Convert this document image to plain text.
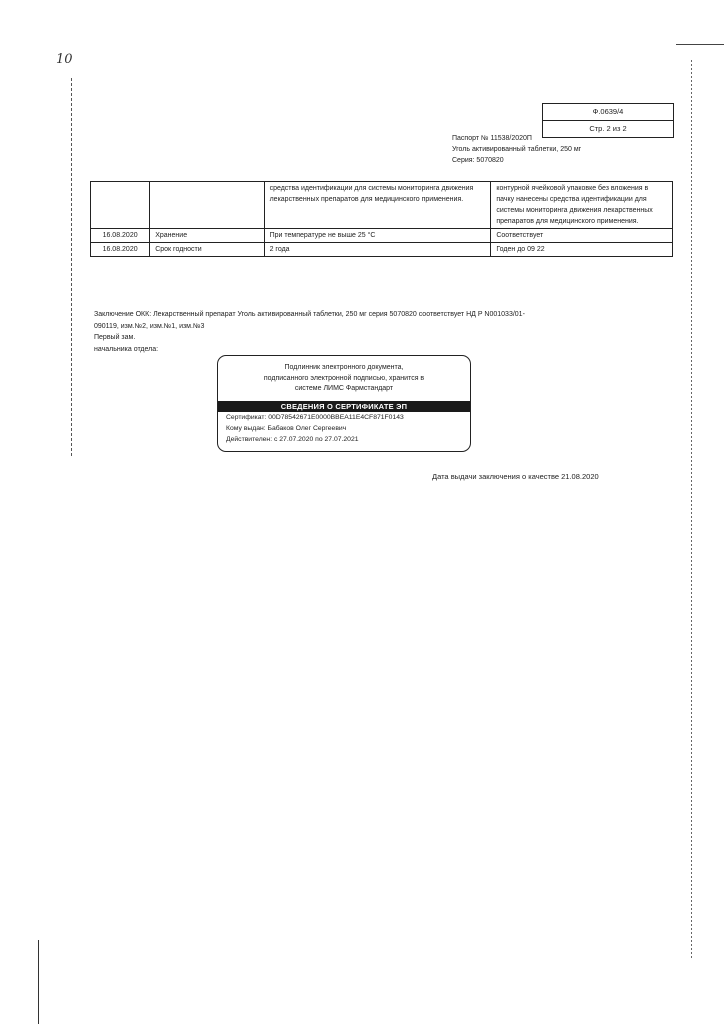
10
Ф.0639/4
Стр. 2 из 2
Паспорт № 11538/2020П
Уголь активированный таблетки, 250 мг
Серия: 5070820
		средства идентификации для системы мониторинга движения лекарственных препаратов для медицинского применения.	контурной ячейковой упаковке без вложения в пачку нанесены средства идентификации для системы мониторинга движения лекарственных препаратов для медицинского применения.
16.08.2020	Хранение	При температуре не выше 25 °С	Соответствует
16.08.2020	Срок годности	2 года	Годен до 09 22
Заключение ОКК: Лекарственный препарат Уголь активированный таблетки, 250 мг серия 5070820 соответствует НД Р N001033/01-090119, изм.№2, изм.№1, изм.№3
Первый зам. начальника отдела:
Подлинник электронного документа,
подписанного электронной подписью, хранится в
системе ЛИМС Фармстандарт
СВЕДЕНИЯ О СЕРТИФИКАТЕ ЭП
Сертификат: 00D78542671E0000BBEA11E4CF871F0143
Кому выдан: Бабаков Олег Сергеевич
Действителен: с 27.07.2020 по 27.07.2021
Дата выдачи заключения о качестве 21.08.2020
